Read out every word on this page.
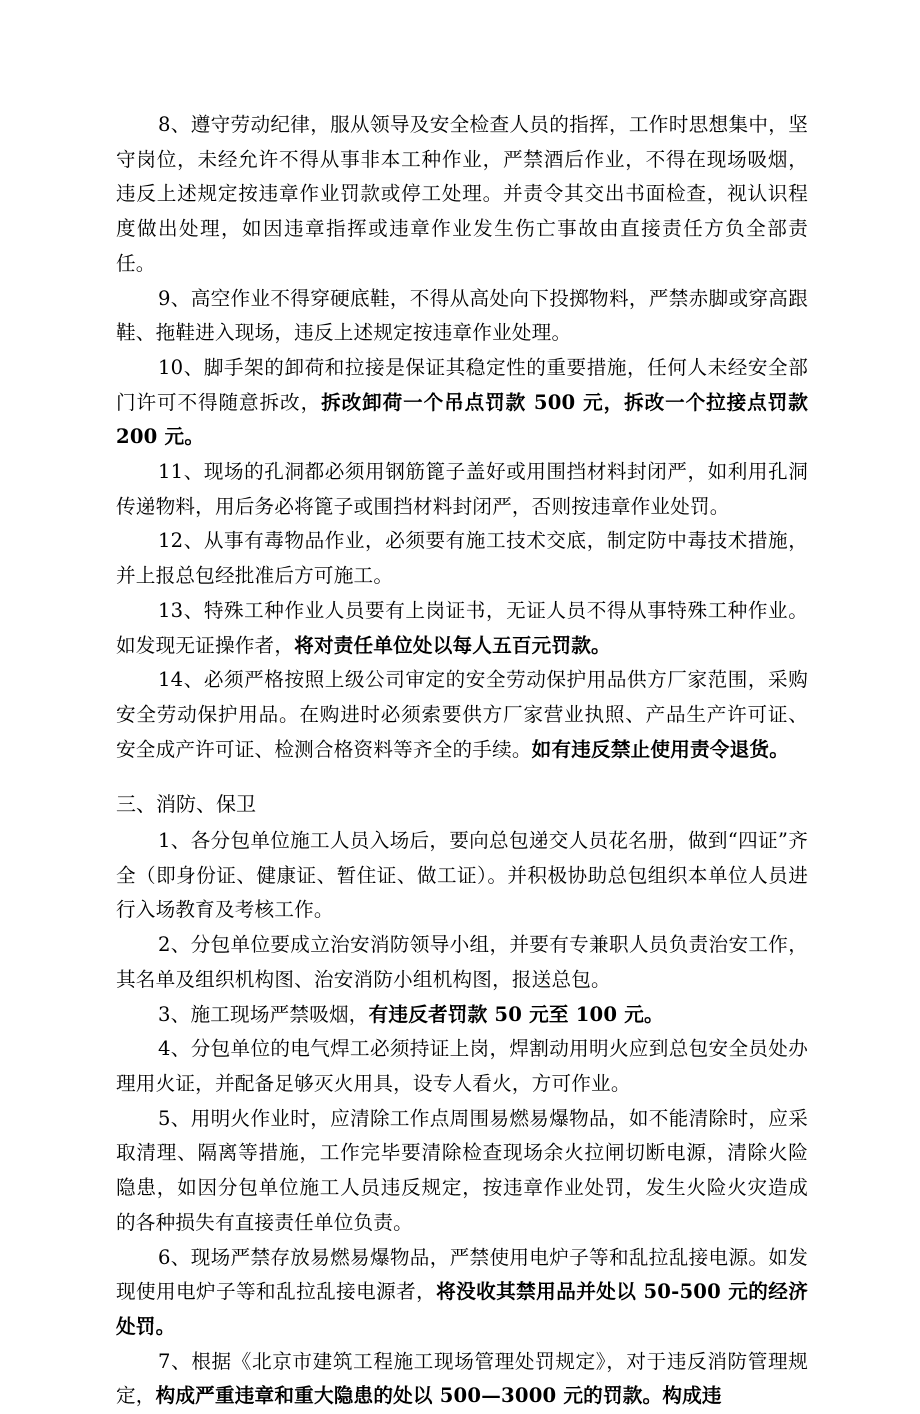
8、遵守劳动纪律，服从领导及安全检查人员的指挥，工作时思想集中，坚守岗位，未经允许不得从事非本工种作业，严禁酒后作业，不得在现场吸烟，违反上述规定按违章作业罚款或停工处理。并责令其交出书面检查，视认识程度做出处理，如因违章指挥或违章作业发生伤亡事故由直接责任方负全部责任。

9、高空作业不得穿硬底鞋，不得从高处向下投掷物料，严禁赤脚或穿高跟鞋、拖鞋进入现场，违反上述规定按违章作业处理。

10、脚手架的卸荷和拉接是保证其稳定性的重要措施，任何人未经安全部门许可不得随意拆改，拆改卸荷一个吊点罚款 500 元，拆改一个拉接点罚款 200 元。

11、现场的孔洞都必须用钢筋篦子盖好或用围挡材料封闭严，如利用孔洞传递物料，用后务必将篦子或围挡材料封闭严，否则按违章作业处罚。

12、从事有毒物品作业，必须要有施工技术交底，制定防中毒技术措施，并上报总包经批准后方可施工。

13、特殊工种作业人员要有上岗证书，无证人员不得从事特殊工种作业。如发现无证操作者，将对责任单位处以每人五百元罚款。

14、必须严格按照上级公司审定的安全劳动保护用品供方厂家范围，采购安全劳动保护用品。在购进时必须索要供方厂家营业执照、产品生产许可证、安全成产许可证、检测合格资料等齐全的手续。如有违反禁止使用责令退货。

三、消防、保卫

1、各分包单位施工人员入场后，要向总包递交人员花名册，做到“四证”齐全（即身份证、健康证、暂住证、做工证）。并积极协助总包组织本单位人员进行入场教育及考核工作。

2、分包单位要成立治安消防领导小组，并要有专兼职人员负责治安工作，其名单及组织机构图、治安消防小组机构图，报送总包。

3、施工现场严禁吸烟，有违反者罚款 50 元至 100 元。

4、分包单位的电气焊工必须持证上岗，焊割动用明火应到总包安全员处办理用火证，并配备足够灭火用具，设专人看火，方可作业。

5、用明火作业时，应清除工作点周围易燃易爆物品，如不能清除时，应采取清理、隔离等措施，工作完毕要清除检查现场余火拉闸切断电源，清除火险隐患，如因分包单位施工人员违反规定，按违章作业处罚，发生火险火灾造成的各种损失有直接责任单位负责。

6、现场严禁存放易燃易爆物品，严禁使用电炉子等和乱拉乱接电源。如发现使用电炉子等和乱拉乱接电源者，将没收其禁用品并处以 50-500 元的经济处罚。

7、根据《北京市建筑工程施工现场管理处罚规定》，对于违反消防管理规定，构成严重违章和重大隐患的处以 500—3000 元的罚款。构成违
